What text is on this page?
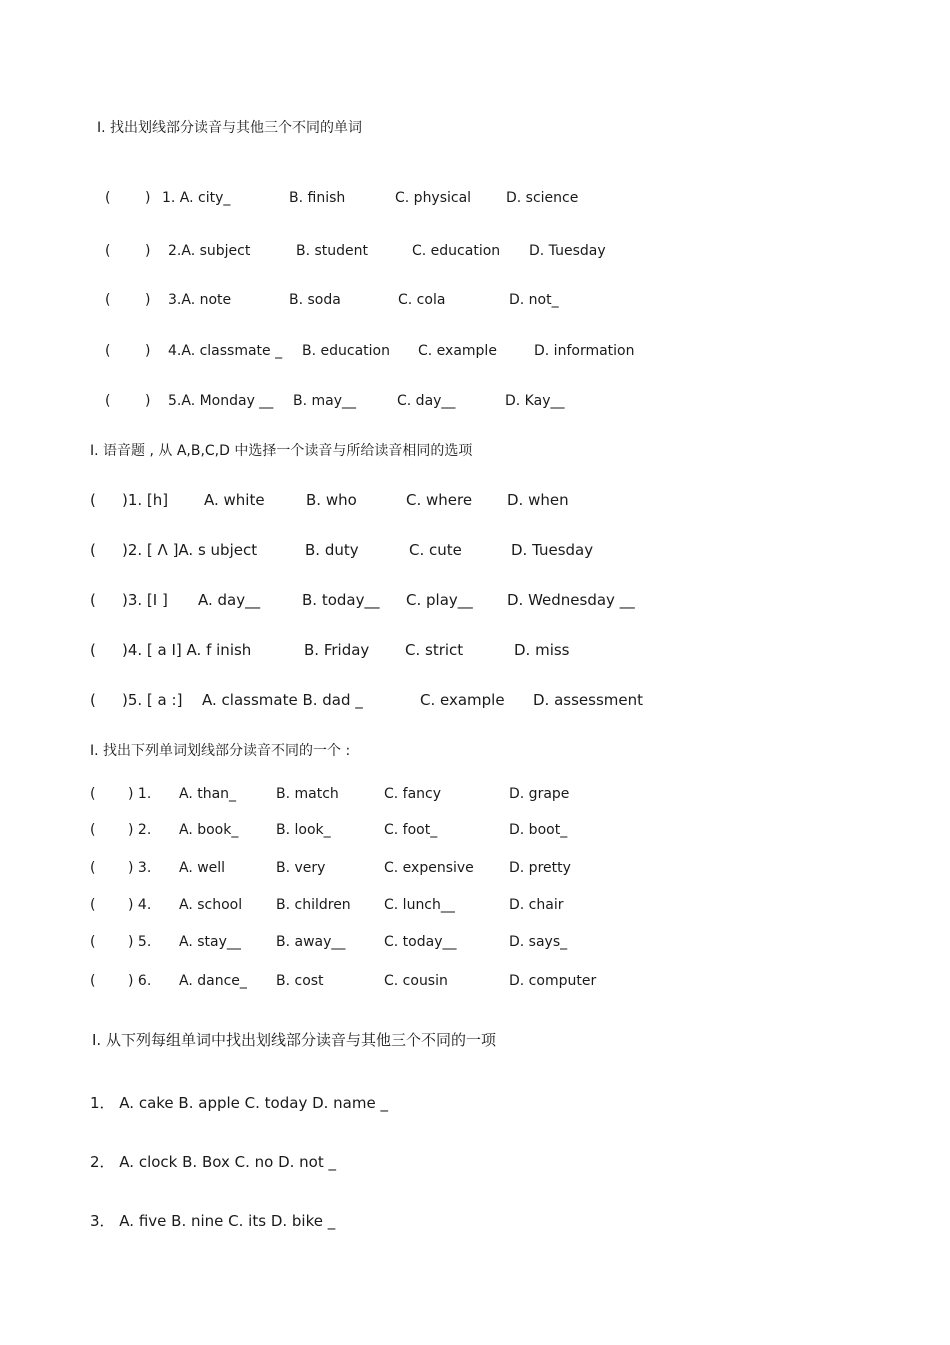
I. 找出划线部分读音与其他三个不同的单词
( ) 1. A. city_	B. finish	C. physical D. science
( ) 2.A. subject	B. student	C. education D. Tuesday
( ) 3.A. note	B. soda	C. cola	D. not_
( ) 4.A. classmate _ B. education C. example	D. information
( ) 5.A. Monday __ B. may__	C. day__	D. Kay__
I. 语音题 , 从 A,B,C,D 中选择一个读音与所给读音相同的选项
( )1. [h] A. white	B. who	C. where D. when
( )2. [ Λ ]A. s ubject	B. duty	C. cute	D. Tuesday
( )3. [I ] A. day__	B. today__ C. play__ D. Wednesday __
( )4. [ a I] A. f inish	B. Friday C. strict	D. miss
( )5. [ a :] A. classmate B. dad _	C. example D. assessment
I. 找出下列单词划线部分读音不同的一个 :
( ) 1. A. than_	B. match	C. fancy	D. grape
( ) 2. A. book_	B. look_	C. foot_	D. boot_
( ) 3. A. well	B. very	C. expensive	D. pretty
( ) 4. A. school B. children C. lunch__	D. chair
( ) 5. A. stay__	B. away__	C. today__	D. says_
( ) 6. A. dance_ B. cost	C. cousin	D. computer
Ⅰ. 从下列每组单词中找出划线部分读音与其他三个不同的一项
1． A. cake B. apple C. today D. name _
2． A. clock B. Box C. no D. not _
3． A. five B. nine C. its D. bike _
